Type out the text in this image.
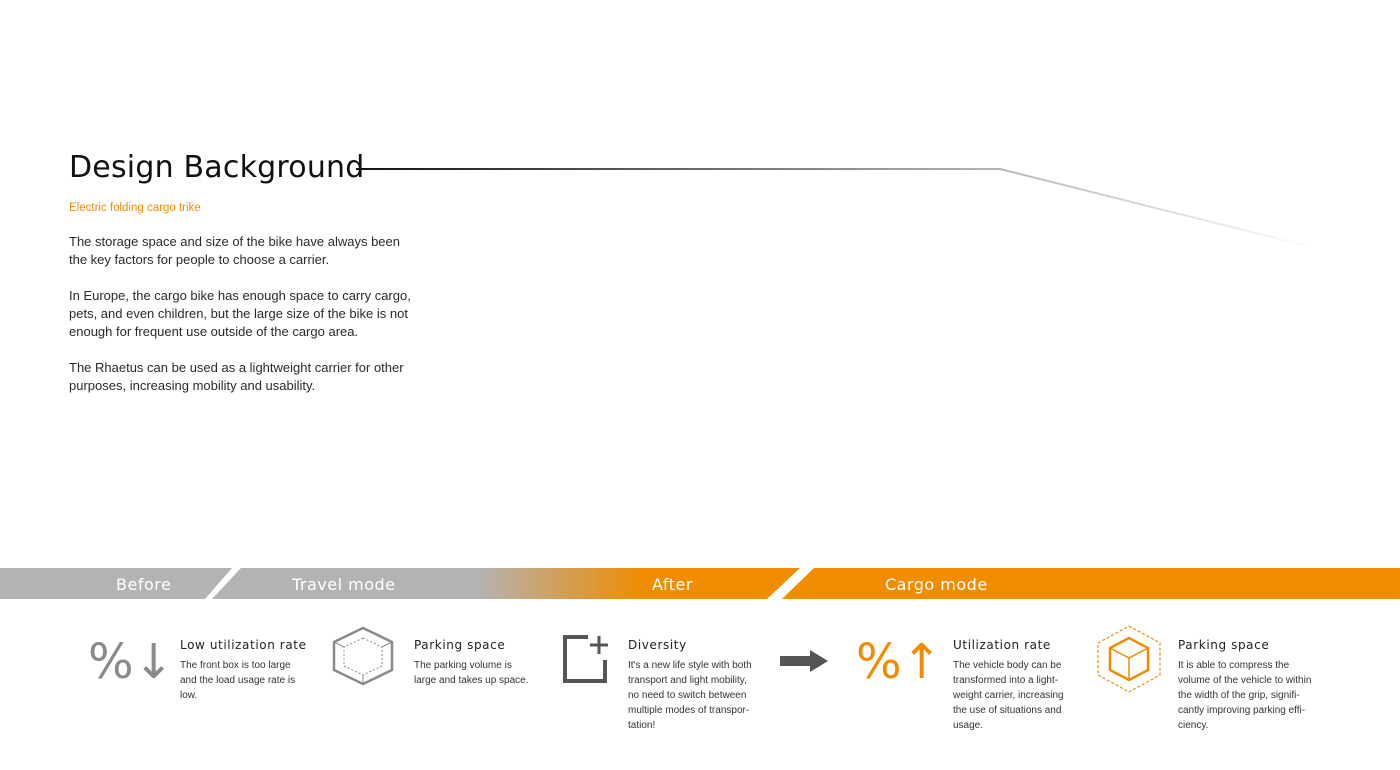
Design Background
Electric folding cargo trike

The storage space and size of the bike have always been the key factors for people to choose a carrier.

In Europe, the cargo bike has enough space to carry cargo, pets, and even children, but the large size of the bike is not enough for frequent use outside of the cargo area.

The Rhaetus can be used as a lightweight carrier for other purposes, increasing mobility and usability.

Before	Travel mode	After	Cargo mode
%↓ Low utilization rate

The front box is too large and the load usage rate is low.

Parking space

The parking volume is large and takes up space.

Diversity

It's a new life style with both transport and light mobility, no need to switch between multiple modes of transpor-tation!

%↑ Utilization rate

The vehicle body can be transformed into a light-weight carrier, increasing the use of situations and usage.

Parking space

It is able to compress the volume of the vehicle to within the width of the grip, signifi-cantly improving parking effi-ciency.
